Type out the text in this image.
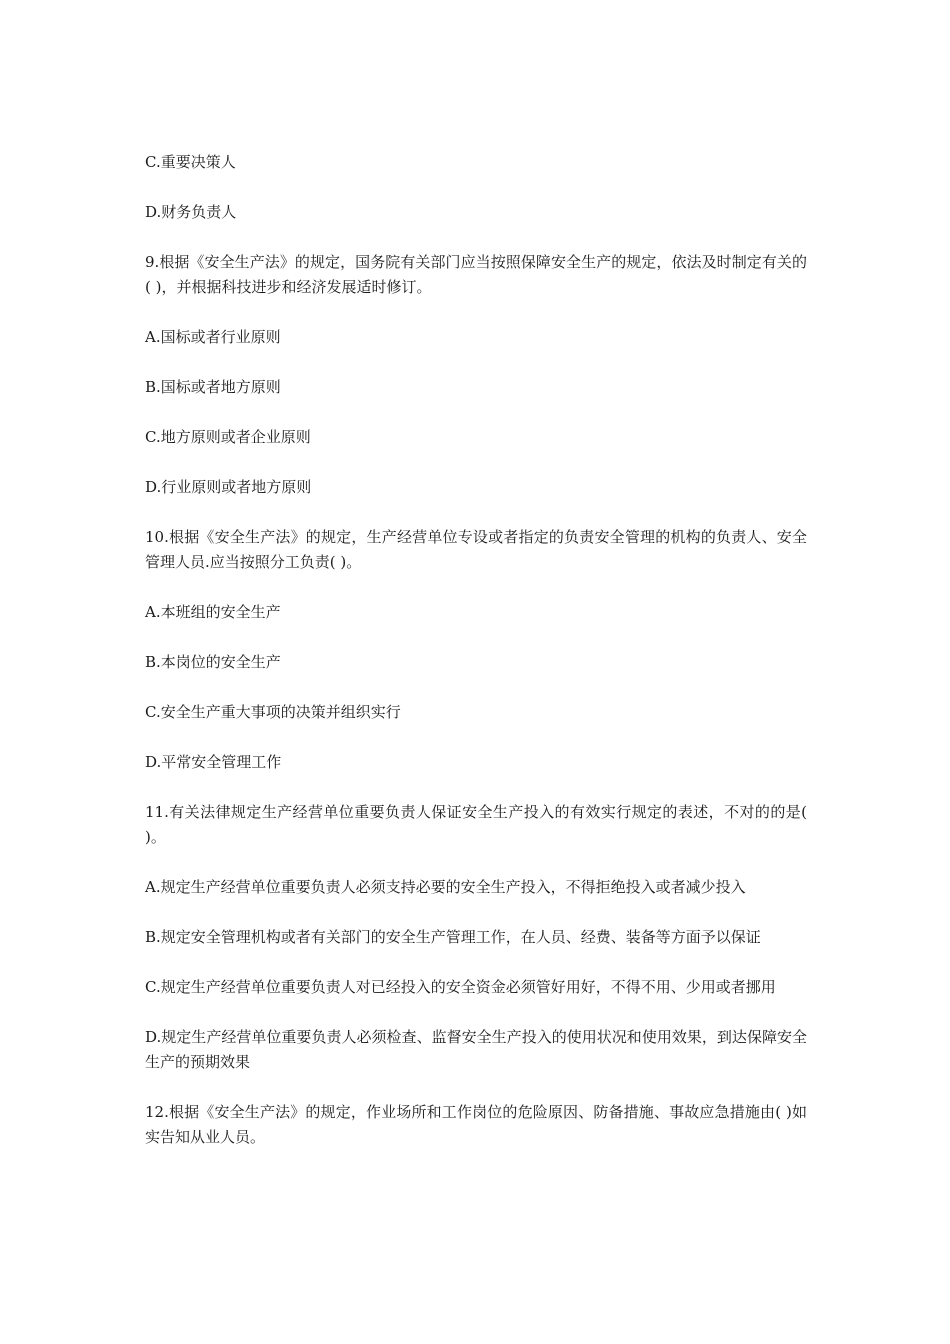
C.重要决策人

D.财务负责人

9.根据《安全生产法》的规定，国务院有关部门应当按照保障安全生产的规定，依法及时制定有关的( )，并根据科技进步和经济发展适时修订。

A.国标或者行业原则

B.国标或者地方原则

C.地方原则或者企业原则

D.行业原则或者地方原则

10.根据《安全生产法》的规定，生产经营单位专设或者指定的负责安全管理的机构的负责人、安全管理人员.应当按照分工负责( )。

A.本班组的安全生产

B.本岗位的安全生产

C.安全生产重大事项的决策并组织实行

D.平常安全管理工作

11.有关法律规定生产经营单位重要负责人保证安全生产投入的有效实行规定的表述，不对的的是( )。

A.规定生产经营单位重要负责人必须支持必要的安全生产投入，不得拒绝投入或者减少投入

B.规定安全管理机构或者有关部门的安全生产管理工作，在人员、经费、装备等方面予以保证

C.规定生产经营单位重要负责人对已经投入的安全资金必须管好用好，不得不用、少用或者挪用

D.规定生产经营单位重要负责人必须检查、监督安全生产投入的使用状况和使用效果，到达保障安全生产的预期效果

12.根据《安全生产法》的规定，作业场所和工作岗位的危险原因、防备措施、事故应急措施由( )如实告知从业人员。
